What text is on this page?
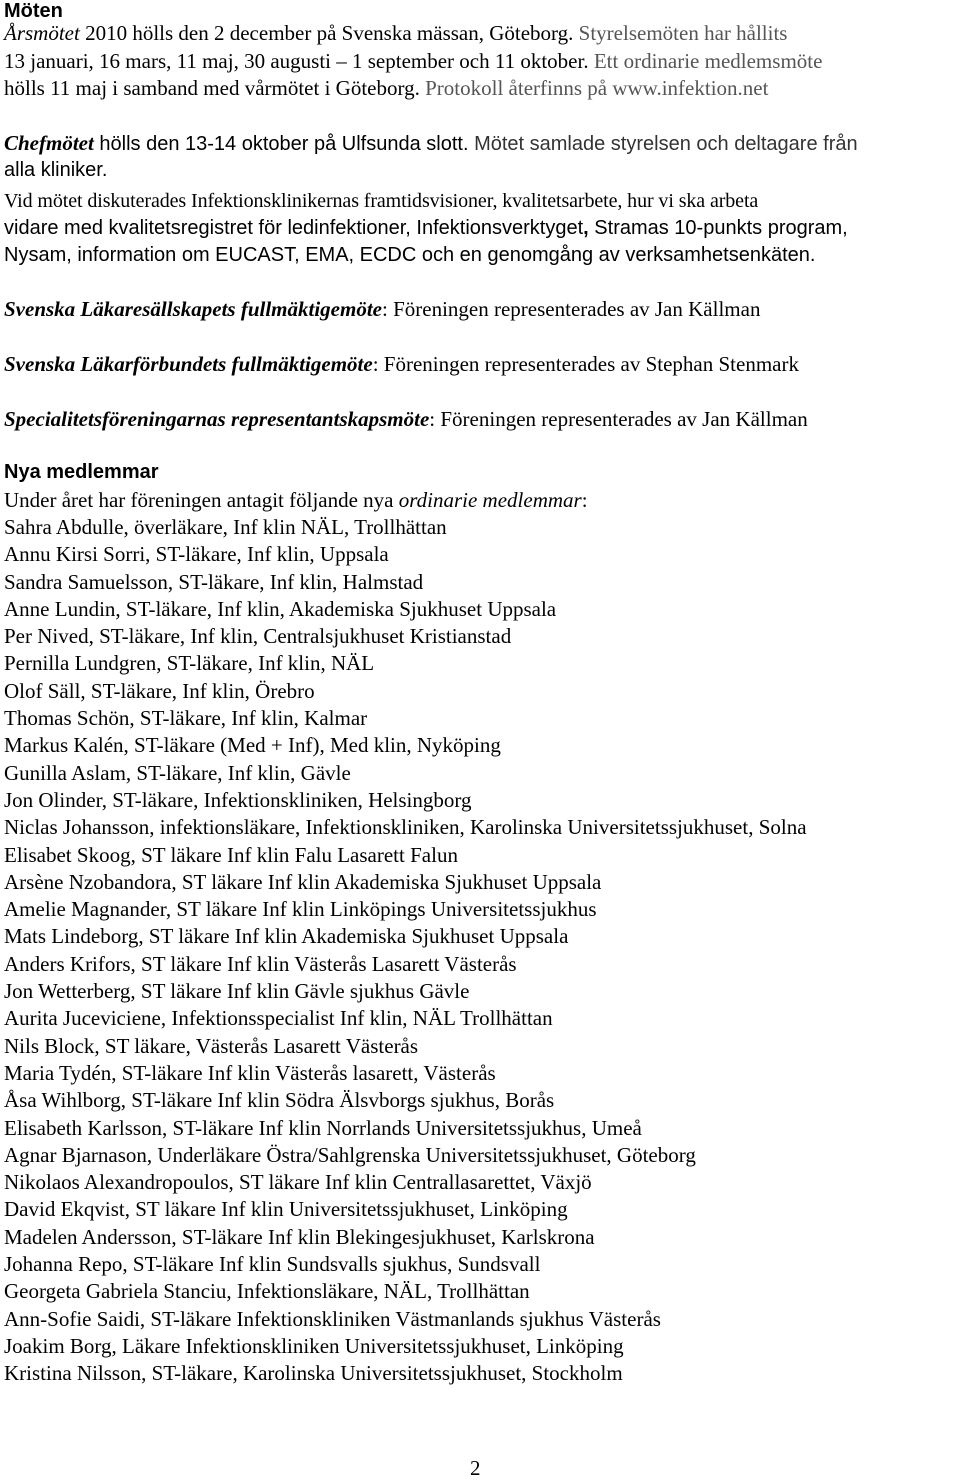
Möten
Årsmötet 2010 hölls den 2 december på Svenska mässan, Göteborg. Styrelsemöten har hållits
13 januari, 16 mars, 11 maj, 30 augusti – 1 september och 11 oktober. Ett ordinarie medlemsmöte
hölls 11 maj i samband med vårmötet i Göteborg. Protokoll återfinns på www.infektion.net
Chefmötet hölls den 13-14 oktober på Ulfsunda slott. Mötet samlade styrelsen och deltagare från
alla kliniker.
Vid mötet diskuterades Infektionsklinikernas framtidsvisioner, kvalitetsarbete, hur vi ska arbeta
vidare med kvalitetsregistret för ledinfektioner, Infektionsverktyget, Stramas 10-punkts program,
Nysam, information om EUCAST, EMA, ECDC och en genomgång av verksamhetsenkäten.
Svenska Läkaresällskapets fullmäktigemöte: Föreningen representerades av Jan Källman
Svenska Läkarförbundets fullmäktigemöte: Föreningen representerades av Stephan Stenmark
Specialitetsföreningarnas representantskapsmöte: Föreningen representerades av Jan Källman
Nya medlemmar
Under året har föreningen antagit följande nya ordinarie medlemmar:
Sahra Abdulle, överläkare, Inf klin NÄL, Trollhättan
Annu Kirsi Sorri, ST-läkare, Inf klin, Uppsala
Sandra Samuelsson, ST-läkare, Inf klin, Halmstad
Anne Lundin, ST-läkare, Inf klin, Akademiska Sjukhuset Uppsala
Per Nived, ST-läkare, Inf klin, Centralsjukhuset Kristianstad
Pernilla Lundgren, ST-läkare, Inf klin, NÄL
Olof Säll, ST-läkare, Inf klin, Örebro
Thomas Schön, ST-läkare, Inf klin, Kalmar
Markus Kalén, ST-läkare (Med + Inf), Med klin, Nyköping
Gunilla Aslam, ST-läkare, Inf klin, Gävle
Jon Olinder, ST-läkare, Infektionskliniken, Helsingborg
Niclas Johansson, infektionsläkare, Infektionskliniken, Karolinska Universitetssjukhuset, Solna
Elisabet Skoog, ST läkare Inf klin Falu Lasarett Falun
Arsène Nzobandora, ST läkare Inf klin Akademiska Sjukhuset Uppsala
Amelie Magnander, ST läkare Inf klin Linköpings Universitetssjukhus
Mats Lindeborg, ST läkare Inf klin Akademiska Sjukhuset Uppsala
Anders Krifors, ST läkare Inf klin Västerås Lasarett Västerås
Jon Wetterberg, ST läkare Inf klin Gävle sjukhus Gävle
Aurita Juceviciene, Infektionsspecialist Inf klin, NÄL Trollhättan
Nils Block, ST läkare, Västerås Lasarett Västerås
Maria Tydén, ST-läkare Inf klin Västerås lasarett, Västerås
Åsa Wihlborg, ST-läkare Inf klin Södra Älsvborgs sjukhus, Borås
Elisabeth Karlsson, ST-läkare Inf klin Norrlands Universitetssjukhus, Umeå
Agnar Bjarnason, Underläkare Östra/Sahlgrenska Universitetssjukhuset, Göteborg
Nikolaos Alexandropoulos, ST läkare Inf klin Centrallasarettet, Växjö
David Ekqvist, ST läkare Inf klin Universitetssjukhuset, Linköping
Madelen Andersson, ST-läkare Inf klin Blekingesjukhuset, Karlskrona
Johanna Repo, ST-läkare Inf klin Sundsvalls sjukhus, Sundsvall
Georgeta Gabriela Stanciu, Infektionsläkare, NÄL, Trollhättan
Ann-Sofie Saidi, ST-läkare Infektionskliniken Västmanlands sjukhus Västerås
Joakim Borg, Läkare Infektionskliniken Universitetssjukhuset, Linköping
Kristina Nilsson, ST-läkare, Karolinska Universitetssjukhuset, Stockholm
2
